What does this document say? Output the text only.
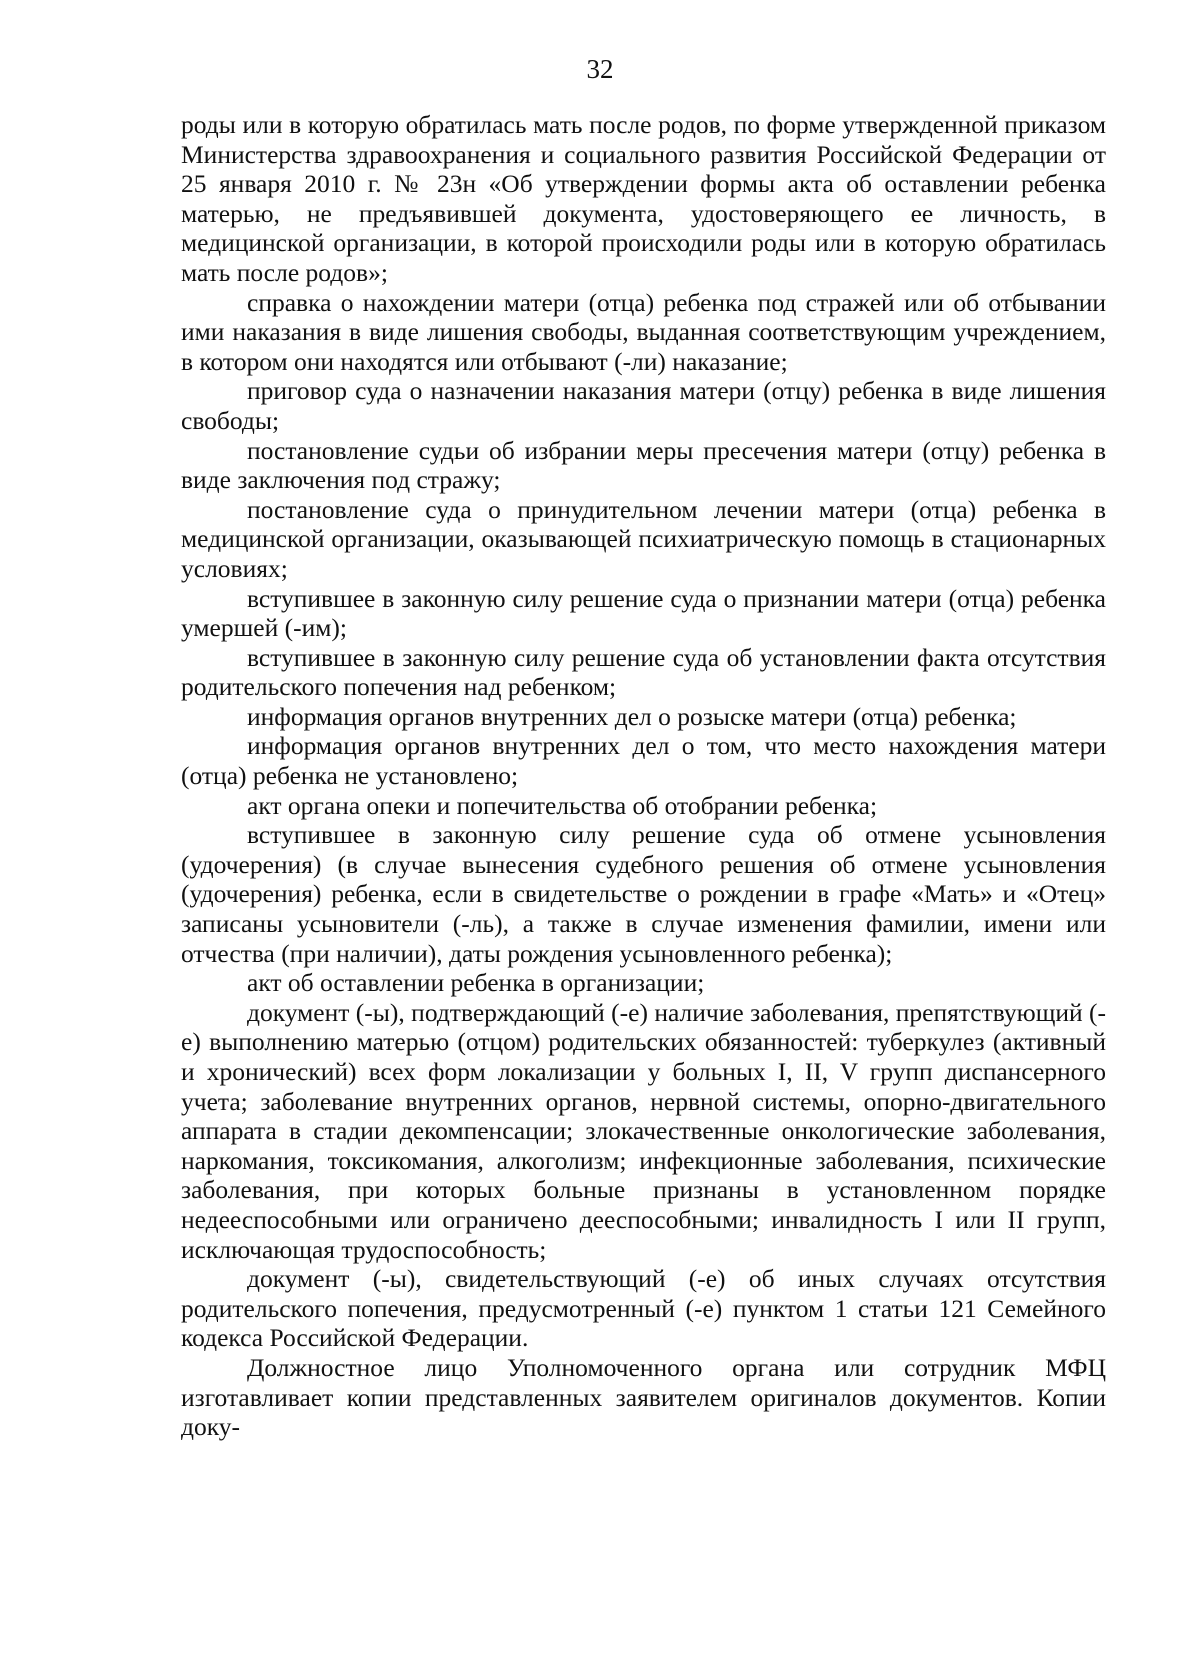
32

роды или в которую обратилась мать после родов, по форме утвержденной приказом Министерства здравоохранения и социального развития Российской Федерации от 25 января 2010 г. № 23н «Об утверждении формы акта об оставлении ребенка матерью, не предъявившей документа, удостоверяющего ее личность, в медицинской организации, в которой происходили роды или в которую обратилась мать после родов»;

справка о нахождении матери (отца) ребенка под стражей или об отбывании ими наказания в виде лишения свободы, выданная соответствующим учреждением, в котором они находятся или отбывают (-ли) наказание;

приговор суда о назначении наказания матери (отцу) ребенка в виде лишения свободы;

постановление судьи об избрании меры пресечения матери (отцу) ребенка в виде заключения под стражу;

постановление суда о принудительном лечении матери (отца) ребенка в медицинской организации, оказывающей психиатрическую помощь в стационарных условиях;

вступившее в законную силу решение суда о признании матери (отца) ребенка умершей (-им);

вступившее в законную силу решение суда об установлении факта отсутствия родительского попечения над ребенком;

информация органов внутренних дел о розыске матери (отца) ребенка;

информация органов внутренних дел о том, что место нахождения матери (отца) ребенка не установлено;

акт органа опеки и попечительства об отобрании ребенка;

вступившее в законную силу решение суда об отмене усыновления (удочерения) (в случае вынесения судебного решения об отмене усыновления (удочерения) ребенка, если в свидетельстве о рождении в графе «Мать» и «Отец» записаны усыновители (-ль), а также в случае изменения фамилии, имени или отчества (при наличии), даты рождения усыновленного ребенка);

акт об оставлении ребенка в организации;

документ (-ы), подтверждающий (-е) наличие заболевания, препятствующий (-е) выполнению матерью (отцом) родительских обязанностей: туберкулез (активный и хронический) всех форм локализации у больных I, II, V групп диспансерного учета; заболевание внутренних органов, нервной системы, опорно-двигательного аппарата в стадии декомпенсации; злокачественные онкологические заболевания, наркомания, токсикомания, алкоголизм; инфекционные заболевания, психические заболевания, при которых больные признаны в установленном порядке недееспособными или ограничено дееспособными; инвалидность I или II групп, исключающая трудоспособность;

документ (-ы), свидетельствующий (-е) об иных случаях отсутствия родительского попечения, предусмотренный (-е) пунктом 1 статьи 121 Семейного кодекса Российской Федерации.

Должностное лицо Уполномоченного органа или сотрудник МФЦ изготавливает копии представленных заявителем оригиналов документов. Копии доку-
